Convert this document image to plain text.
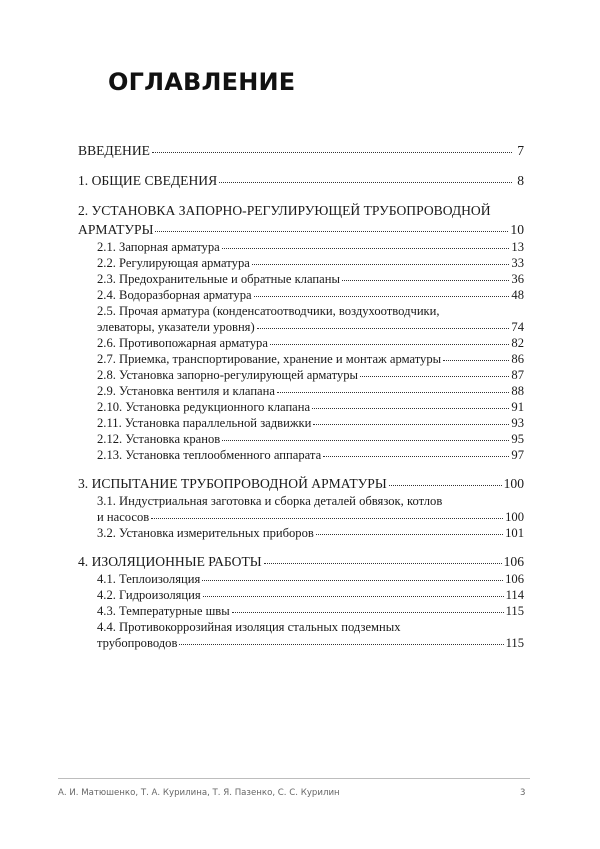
ОГЛАВЛЕНИЕ
ВВЕДЕНИЕ	7
1. ОБЩИЕ СВЕДЕНИЯ	8
2. УСТАНОВКА ЗАПОРНО-РЕГУЛИРУЮЩЕЙ ТРУБОПРОВОДНОЙ
АРМАТУРЫ	10
2.1. Запорная арматура	13
2.2. Регулирующая арматура	33
2.3. Предохранительные и обратные клапаны	36
2.4. Водоразборная арматура	48
2.5. Прочая арматура (конденсатоотводчики, воздухоотводчики,
элеваторы, указатели уровня)	74
2.6. Противопожарная арматура	82
2.7. Приемка, транспортирование, хранение и монтаж арматуры	86
2.8. Установка запорно-регулирующей арматуры	87
2.9. Установка вентиля и клапана	88
2.10. Установка редукционного клапана	91
2.11. Установка параллельной задвижки	93
2.12. Установка кранов	95
2.13. Установка теплообменного аппарата	97
3. ИСПЫТАНИЕ ТРУБОПРОВОДНОЙ АРМАТУРЫ	100
3.1. Индустриальная заготовка и сборка деталей обвязок, котлов
и насосов	100
3.2. Установка измерительных приборов	101
4. ИЗОЛЯЦИОННЫЕ РАБОТЫ	106
4.1. Теплоизоляция	106
4.2. Гидроизоляция	114
4.3. Температурные швы	115
4.4. Противокоррозийная изоляция стальных подземных
трубопроводов	115
А. И. Матюшенко, Т. А. Курилина, Т. Я. Пазенко, С. С. Курилин	3
